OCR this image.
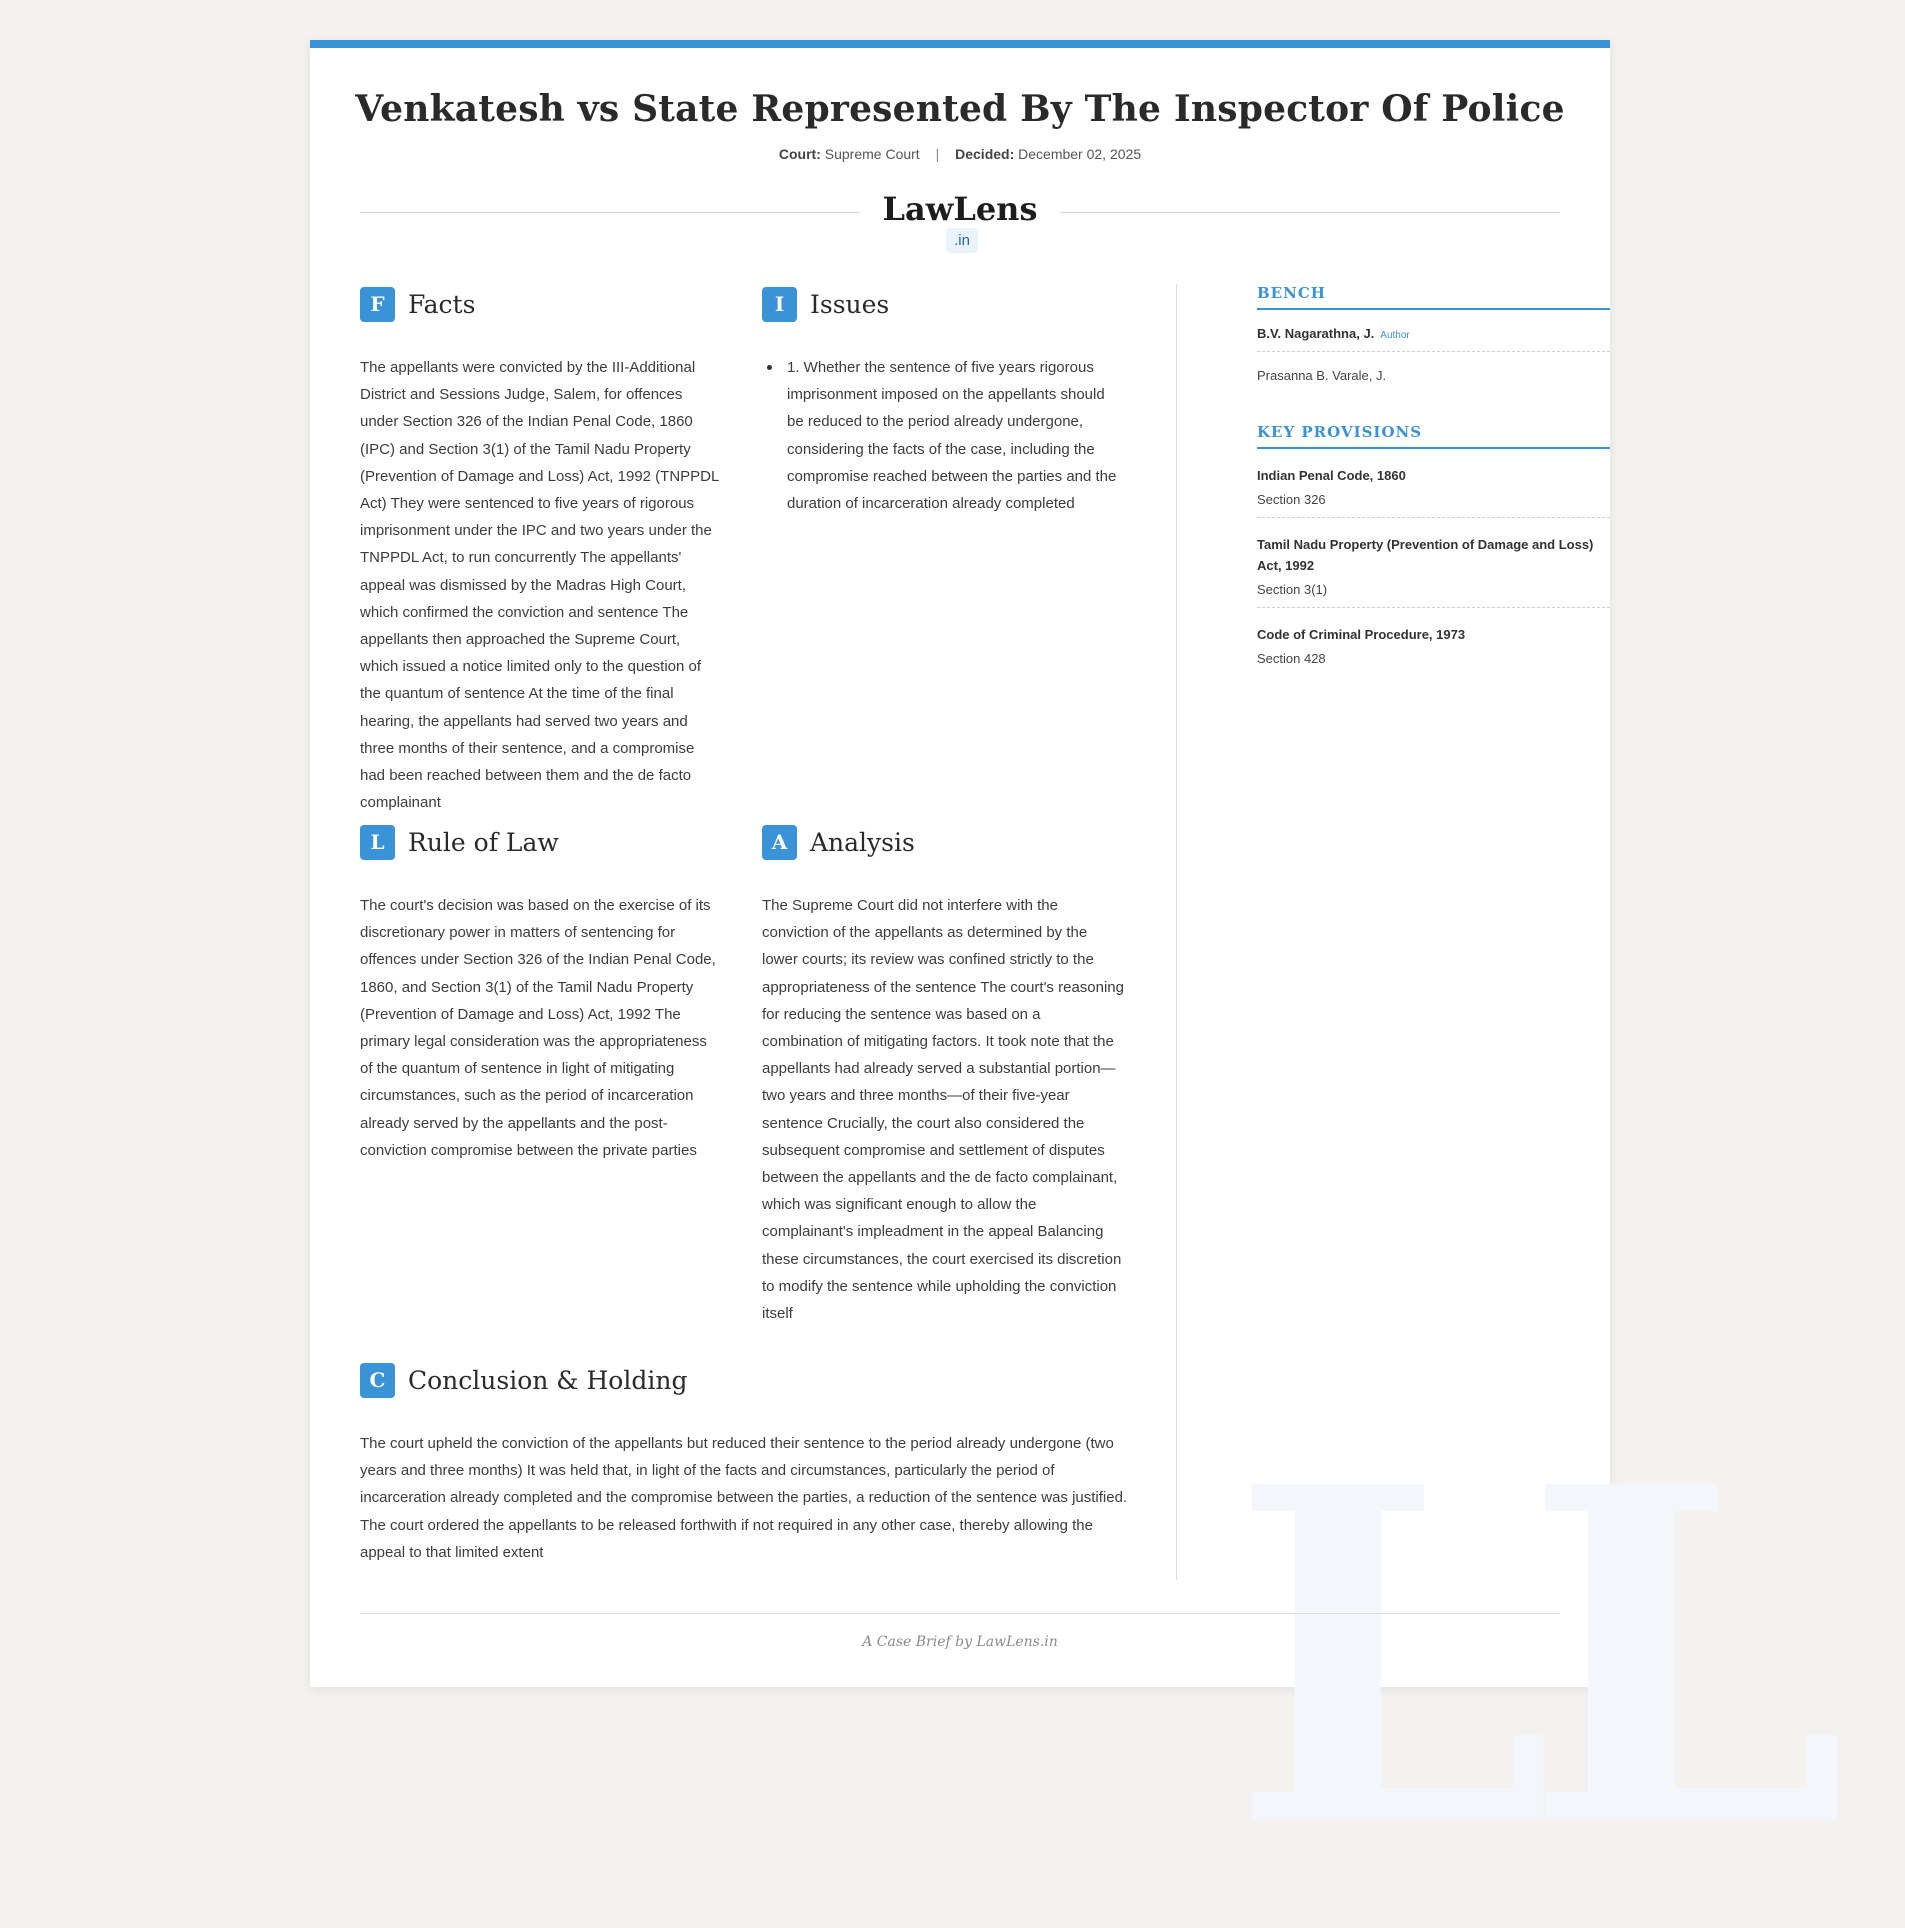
LL
Venkatesh vs State Represented By The Inspector Of Police
Court: Supreme Court | Decided: December 02, 2025
LawLens.in
F Facts
The appellants were convicted by the III-Additional District and Sessions Judge, Salem, for offences under Section 326 of the Indian Penal Code, 1860 (IPC) and Section 3(1) of the Tamil Nadu Property (Prevention of Damage and Loss) Act, 1992 (TNPPDL Act) They were sentenced to five years of rigorous imprisonment under the IPC and two years under the TNPPDL Act, to run concurrently The appellants' appeal was dismissed by the Madras High Court, which confirmed the conviction and sentence The appellants then approached the Supreme Court, which issued a notice limited only to the question of the quantum of sentence At the time of the final hearing, the appellants had served two years and three months of their sentence, and a compromise had been reached between them and the de facto complainant
I	Issues
1. Whether the sentence of five years rigorous imprisonment imposed on the appellants should be reduced to the period already undergone, considering the facts of the case, including the compromise reached between the parties and the duration of incarceration already completed
L Rule of Law
The court's decision was based on the exercise of its discretionary power in matters of sentencing for offences under Section 326 of the Indian Penal Code, 1860, and Section 3(1) of the Tamil Nadu Property (Prevention of Damage and Loss) Act, 1992 The primary legal consideration was the appropriateness of the quantum of sentence in light of mitigating circumstances, such as the period of incarceration already served by the appellants and the post-conviction compromise between the private parties
A Analysis
The Supreme Court did not interfere with the conviction of the appellants as determined by the lower courts; its review was confined strictly to the appropriateness of the sentence The court's reasoning for reducing the sentence was based on a combination of mitigating factors. It took note that the appellants had already served a substantial portion—two years and three months—of their five-year sentence Crucially, the court also considered the subsequent compromise and settlement of disputes between the appellants and the de facto complainant, which was significant enough to allow the complainant's impleadment in the appeal Balancing these circumstances, the court exercised its discretion to modify the sentence while upholding the conviction itself
C Conclusion & Holding
The court upheld the conviction of the appellants but reduced their sentence to the period already undergone (two years and three months) It was held that, in light of the facts and circumstances, particularly the period of incarceration already completed and the compromise between the parties, a reduction of the sentence was justified. The court ordered the appellants to be released forthwith if not required in any other case, thereby allowing the appeal to that limited extent
BENCH
B.V. Nagarathna, J. Author
Prasanna B. Varale, J.
KEY PROVISIONS
Indian Penal Code, 1860
Section 326
Tamil Nadu Property (Prevention of Damage and Loss) Act, 1992
Section 3(1)
Code of Criminal Procedure, 1973
Section 428
A Case Brief by LawLens.in
